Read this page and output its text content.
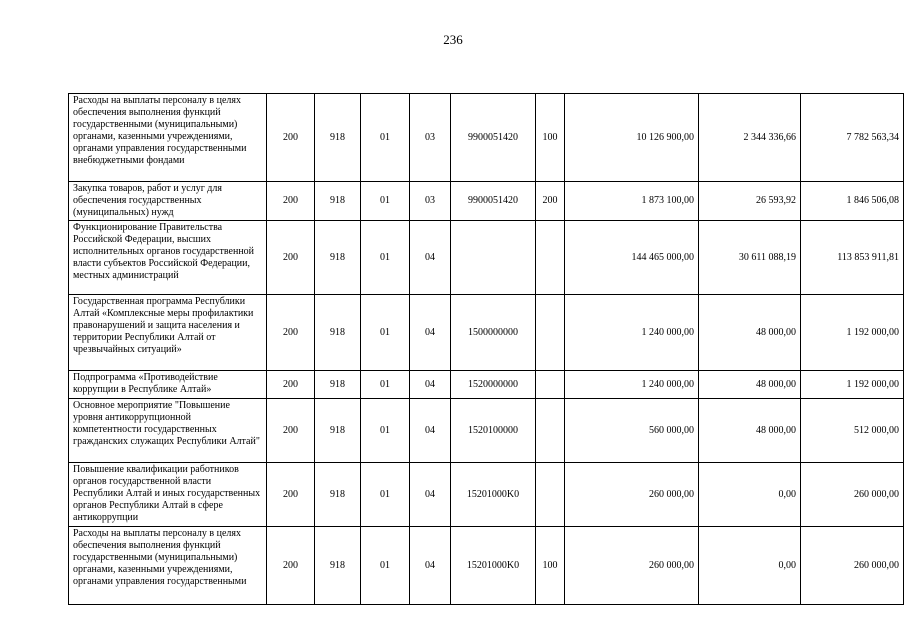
236
Расходы на выплаты персоналу в целях обеспечения выполнения функций государственными (муниципальными) органами, казенными учреждениями, органами управления государственными внебюджетными фондами	200	918	01	03	9900051420	100	10 126 900,00	2 344 336,66	7 782 563,34
Закупка товаров, работ и услуг для обеспечения государственных (муниципальных) нужд	200	918	01	03	9900051420	200	1 873 100,00	26 593,92	1 846 506,08
Функционирование Правительства Российской Федерации, высших исполнительных органов государственной власти субъектов Российской Федерации, местных администраций	200	918	01	04			144 465 000,00	30 611 088,19	113 853 911,81
Государственная программа Республики Алтай «Комплексные меры профилактики правонарушений и защита населения и территории Республики Алтай от чрезвычайных ситуаций»	200	918	01	04	1500000000		1 240 000,00	48 000,00	1 192 000,00
Подпрограмма «Противодействие коррупции в Республике Алтай»	200	918	01	04	1520000000		1 240 000,00	48 000,00	1 192 000,00
Основное мероприятие "Повышение уровня антикоррупционной компетентности государственных гражданских служащих Республики Алтай"	200	918	01	04	1520100000		560 000,00	48 000,00	512 000,00
Повышение квалификации работников органов государственной власти Республики Алтай и иных государственных органов Республики Алтай в сфере антикоррупции	200	918	01	04	15201000K0		260 000,00	0,00	260 000,00
Расходы на выплаты персоналу в целях обеспечения выполнения функций государственными (муниципальными) органами, казенными учреждениями, органами управления государственными	200	918	01	04	15201000K0	100	260 000,00	0,00	260 000,00
